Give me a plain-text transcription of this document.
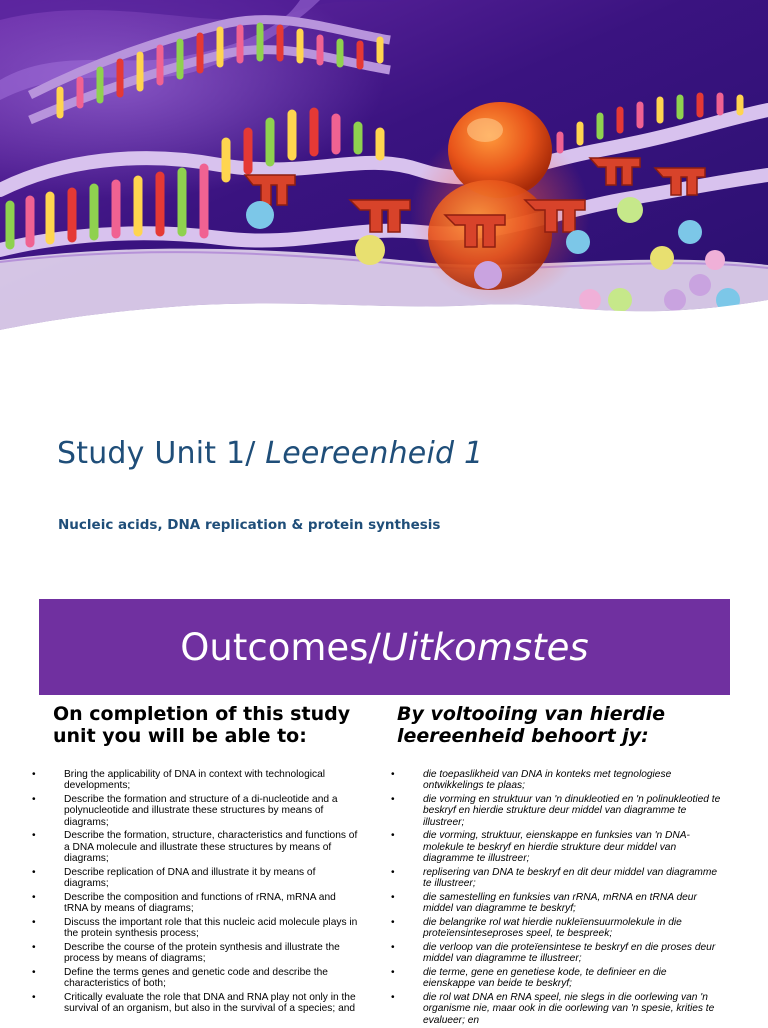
Study Unit 1/ Leereenheid 1

Nucleic acids, DNA replication & protein synthesis

Outcomes/ Uitkomstes
On completion of this study unit you will be able to:
By voltooiing van hierdie leereenheid behoort jy:
• Bring the applicability of DNA in context with technological developments;
• Describe the formation and structure of a di-nucleotide and a polynucleotide and illustrate these structures by means of diagrams;
• Describe the formation, structure, characteristics and functions of a DNA molecule and illustrate these structures by means of diagrams;
• Describe replication of DNA and illustrate it by means of diagrams;
• Describe the composition and functions of rRNA, mRNA and tRNA by means of diagrams;
• Discuss the important role that this nucleic acid molecule plays in the protein synthesis process;
• Describe the course of the protein synthesis and illustrate the process by means of diagrams;
• Define the terms genes and genetic code and describe the characteristics of both;
• Critically evaluate the role that DNA and RNA play not only in the survival of an organism, but also in the survival of a species; and
• die toepaslikheid van DNA in konteks met tegnologiese ontwikkelings te plaas;
• die vorming en struktuur van 'n dinukleotied en 'n polinukleotied te beskryf en hierdie strukture deur middel van diagramme te illustreer;
• die vorming, struktuur, eienskappe en funksies van 'n DNA-molekule te beskryf en hierdie strukture deur middel van diagramme te illustreer;
• replisering van DNA te beskryf en dit deur middel van diagramme te illustreer;
• die samestelling en funksies van rRNA, mRNA en tRNA deur middel van diagramme te beskryf;
• die belangrike rol wat hierdie nukleïensuurmolekule in die proteïensinteseproses speel, te bespreek;
• die verloop van die proteïensintese te beskryf en die proses deur middel van diagramme te illustreer;
• die terme, gene en genetiese kode, te definieer en die eienskappe van beide te beskryf;
• die rol wat DNA en RNA speel, nie slegs in die oorlewing van 'n organisme nie, maar ook in die oorlewing van 'n spesie, krities te evalueer; en
